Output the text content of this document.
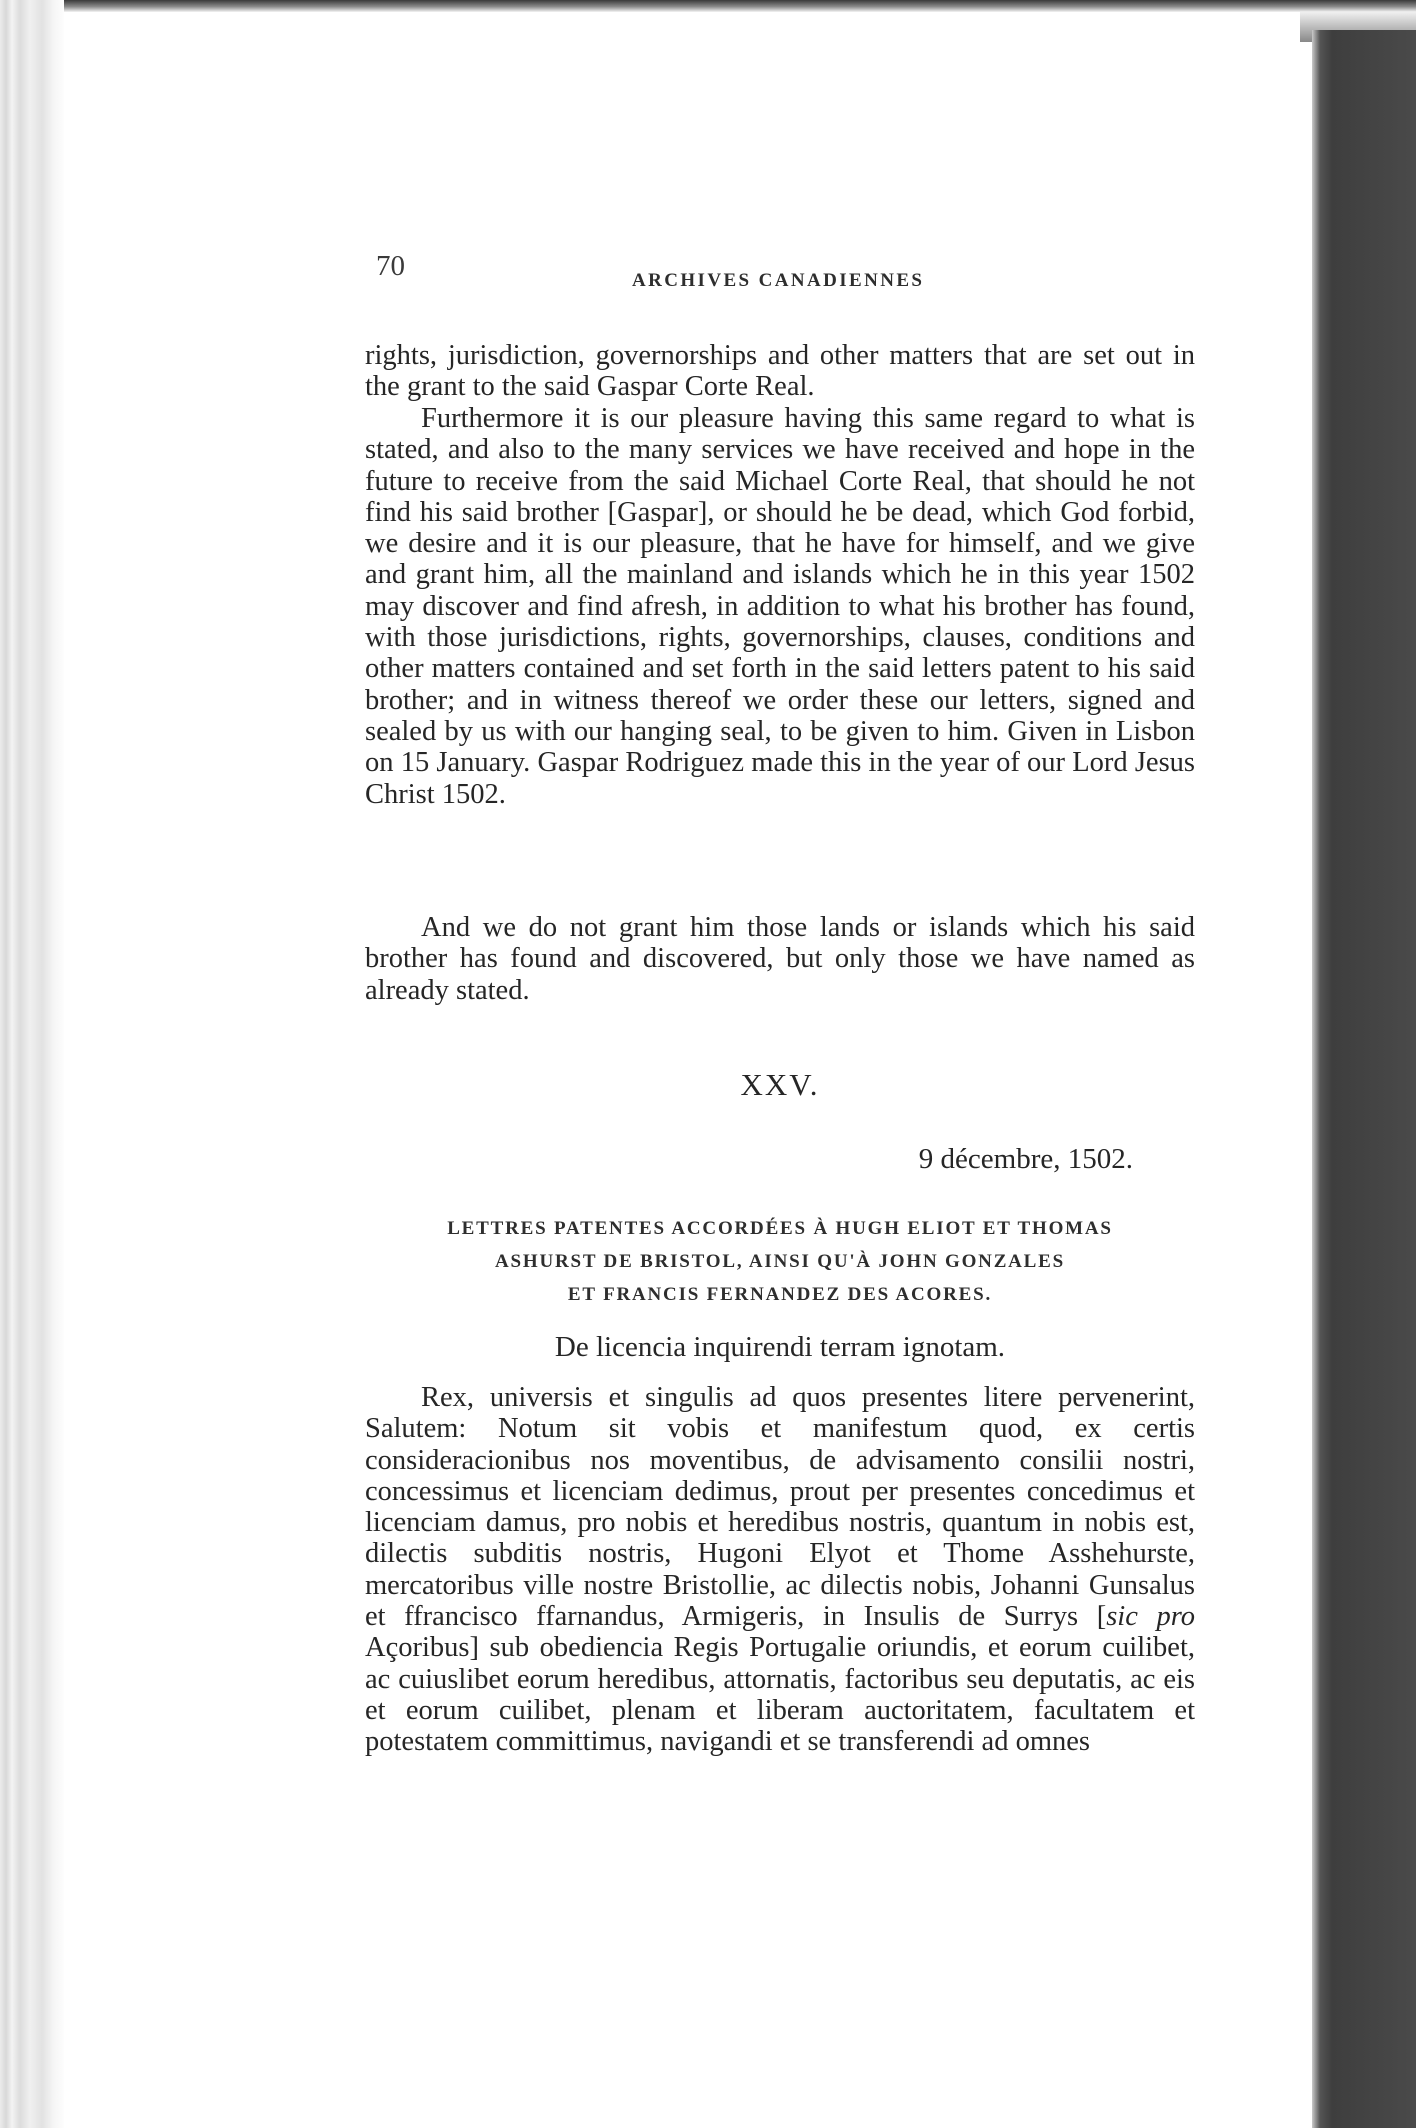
70	ARCHIVES CANADIENNES

rights, jurisdiction, governorships and other matters that are set out in the grant to the said Gaspar Corte Real.

Furthermore it is our pleasure having this same regard to what is stated, and also to the many services we have received and hope in the future to receive from the said Michael Corte Real, that should he not find his said brother [Gaspar], or should he be dead, which God forbid, we desire and it is our pleasure, that he have for himself, and we give and grant him, all the mainland and islands which he in this year 1502 may discover and find afresh, in addition to what his brother has found, with those jurisdictions, rights, governorships, clauses, conditions and other matters contained and set forth in the said letters patent to his said brother; and in witness thereof we order these our letters, signed and sealed by us with our hanging seal, to be given to him. Given in Lisbon on 15 January. Gaspar Rodriguez made this in the year of our Lord Jesus Christ 1502.

And we do not grant him those lands or islands which his said brother has found and discovered, but only those we have named as already stated.

XXV.
9 décembre, 1502.
LETTRES PATENTES ACCORDÉES À HUGH ELIOT ET THOMAS
ASHURST DE BRISTOL, AINSI QU'À JOHN GONZALES
ET FRANCIS FERNANDEZ DES ACORES.
De licencia inquirendi terram ignotam.

Rex, universis et singulis ad quos presentes litere pervenerint, Salutem: Notum sit vobis et manifestum quod, ex certis consideracionibus nos moventibus, de advisamento consilii nostri, concessimus et licenciam dedimus, prout per presentes concedimus et licenciam damus, pro nobis et heredibus nostris, quantum in nobis est, dilectis subditis nostris, Hugoni Elyot et Thome Asshehurste, mercatoribus ville nostre Bristollie, ac dilectis nobis, Johanni Gunsalus et ffrancisco ffarnandus, Armigeris, in Insulis de Surrys [sic pro Açoribus] sub obediencia Regis Portugalie oriundis, et eorum cuilibet, ac cuiuslibet eorum heredibus, attornatis, factoribus seu deputatis, ac eis et eorum cuilibet, plenam et liberam auctoritatem, facultatem et potestatem committimus, navigandi et se transferendi ad omnes
